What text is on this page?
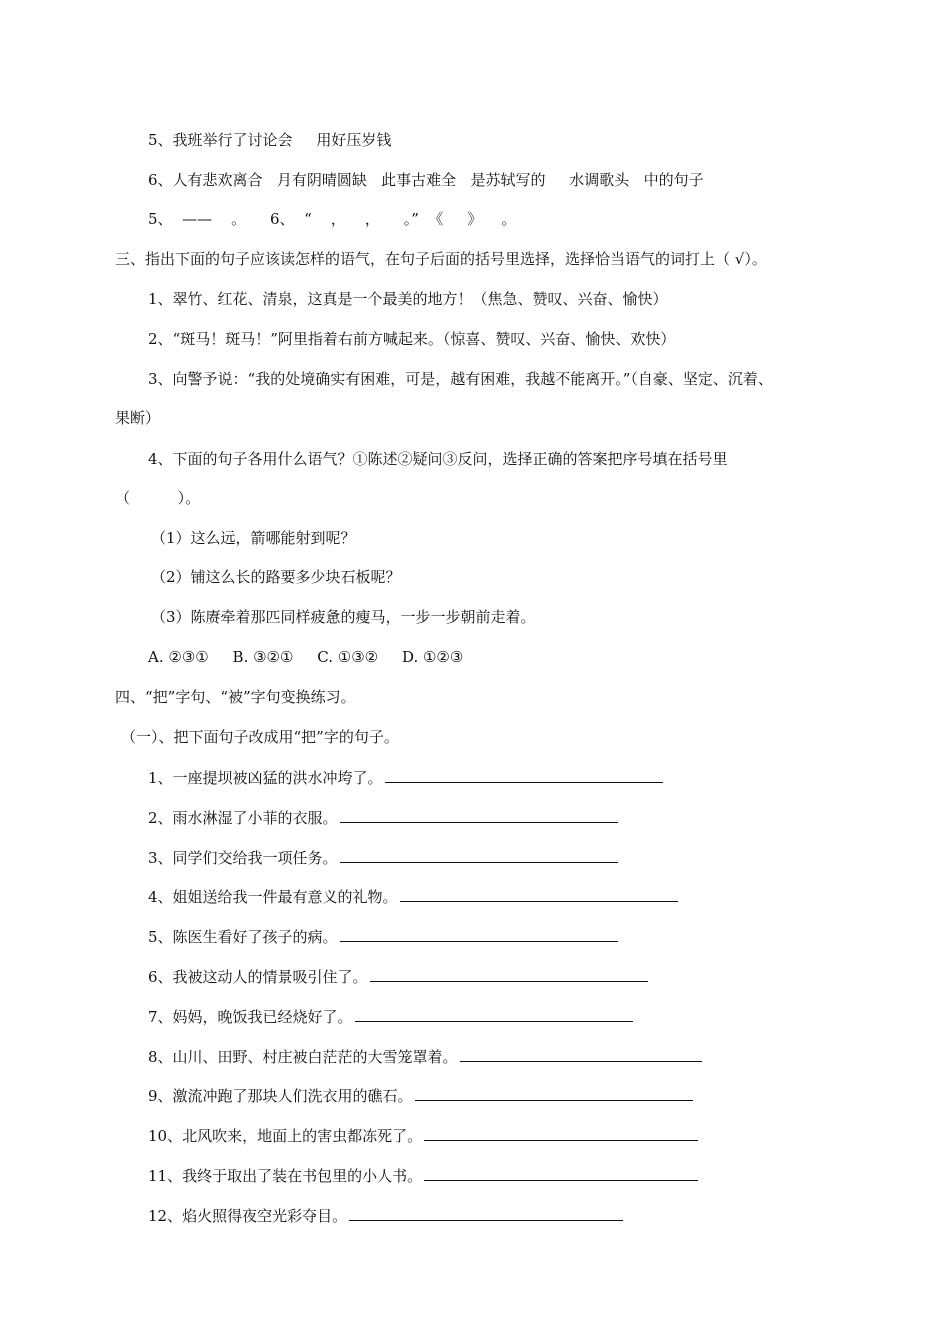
5、我班举行了讨论会     用好压岁钱
6、人有悲欢离合   月有阴晴圆缺   此事古难全   是苏轼写的     水调歌头   中的句子
5、  ——    。     6、  “    ，    ，     。”  《     》    。
三、指出下面的句子应该读怎样的语气，在句子后面的括号里选择，选择恰当语气的词打上（ √）。
1、翠竹、红花、清泉，这真是一个最美的地方！（焦急、赞叹、兴奋、愉快）
2、“斑马！斑马！”阿里指着右前方喊起来。（惊喜、赞叹、兴奋、愉快、欢快）
3、向警予说：“我的处境确实有困难，可是，越有困难，我越不能离开。”（自豪、坚定、沉着、
果断）
4、下面的句子各用什么语气？①陈述②疑问③反问，选择正确的答案把序号填在括号里
（          ）。
（1）这么远，箭哪能射到呢？
（2）铺这么长的路要多少块石板呢？
（3）陈赓牵着那匹同样疲惫的瘦马，一步一步朝前走着。
A. ②③①     B. ③②①     C. ①③②     D. ①②③
四、“把”字句、“被”字句变换练习。
（一）、把下面句子改成用“把”字的句子。
1、一座提坝被凶猛的洪水冲垮了。
2、雨水淋湿了小菲的衣服。
3、同学们交给我一项任务。
4、姐姐送给我一件最有意义的礼物。
5、陈医生看好了孩子的病。
6、我被这动人的情景吸引住了。
7、妈妈，晚饭我已经烧好了。
8、山川、田野、村庄被白茫茫的大雪笼罩着。
9、激流冲跑了那块人们洗衣用的礁石。
10、北风吹来，地面上的害虫都冻死了。
11、我终于取出了装在书包里的小人书。
12、焰火照得夜空光彩夺目。
